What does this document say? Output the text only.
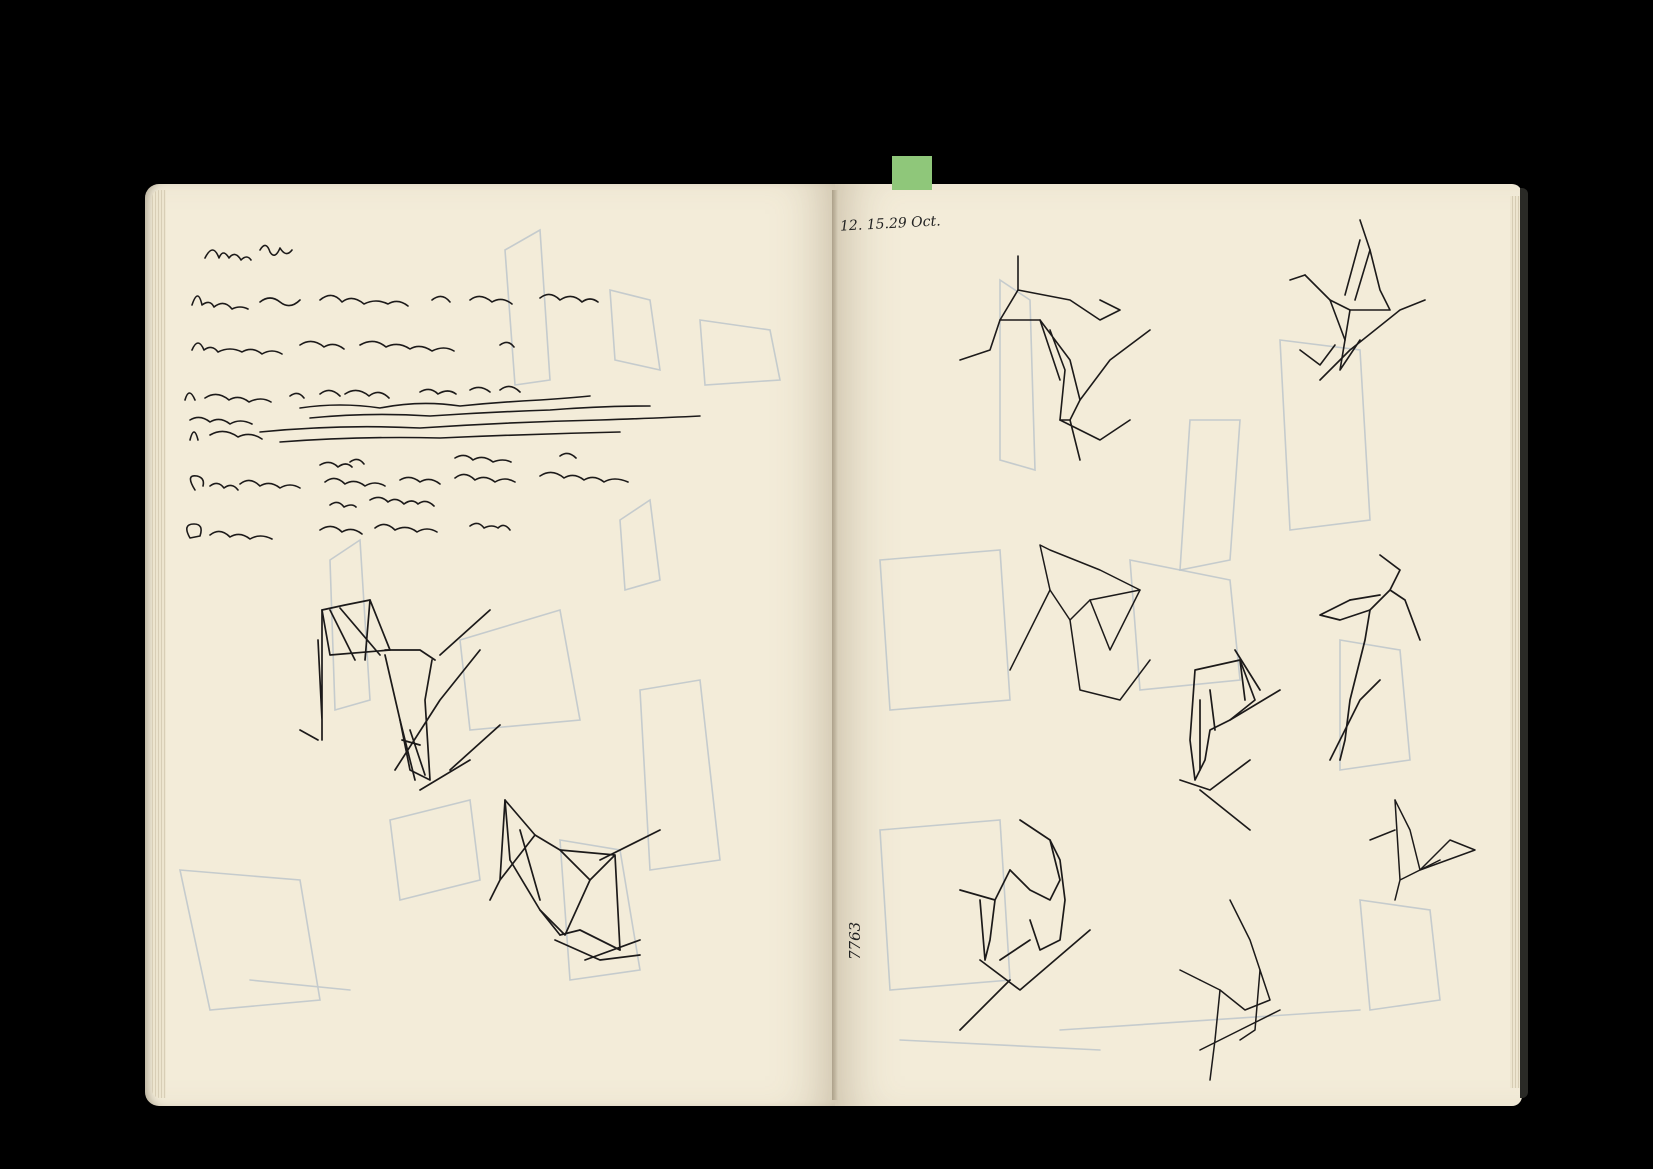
12. 15.29 Oct.
7763
